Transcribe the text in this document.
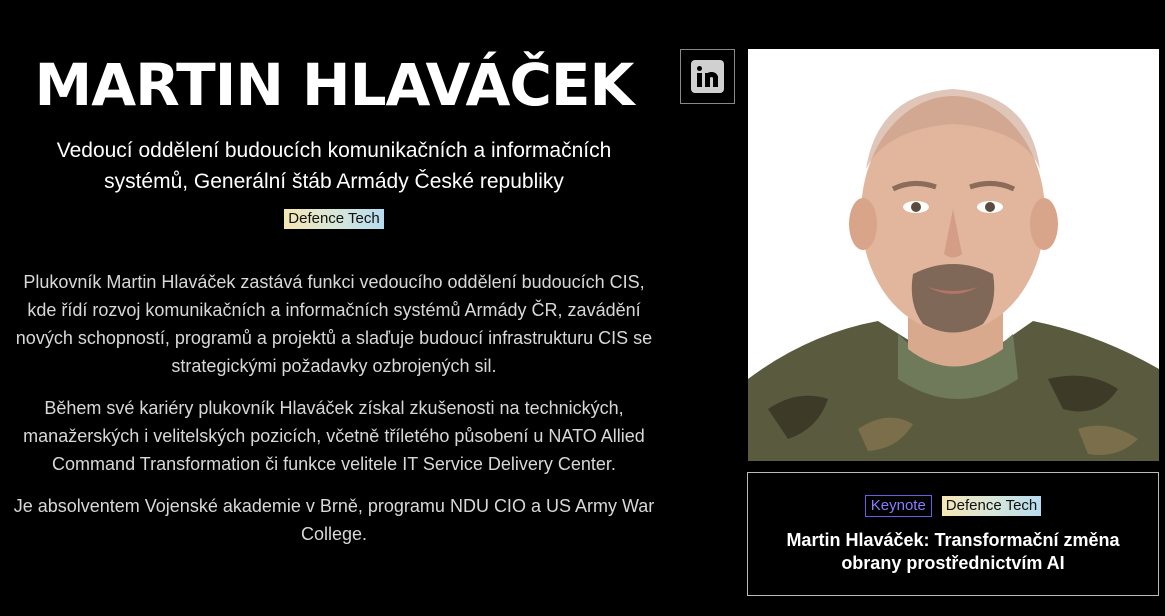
MARTIN HLAVÁČEK
Vedoucí oddělení budoucích komunikačních a informačních systémů, Generální štáb Armády České republiky
Defence Tech

Plukovník Martin Hlaváček zastává funkci vedoucího oddělení budoucích CIS, kde řídí rozvoj komunikačních a informačních systémů Armády ČR, zavádění nových schopností, programů a projektů a slaďuje budoucí infrastrukturu CIS se strategickými požadavky ozbrojených sil.

Během své kariéry plukovník Hlaváček získal zkušenosti na technických, manažerských i velitelských pozicích, včetně tříletého působení u NATO Allied Command Transformation či funkce velitele IT Service Delivery Center.

Je absolventem Vojenské akademie v Brně, programu NDU CIO a US Army War College.

Keynote Defence Tech
Martin Hlaváček: Transformační změna obrany prostřednictvím AI
